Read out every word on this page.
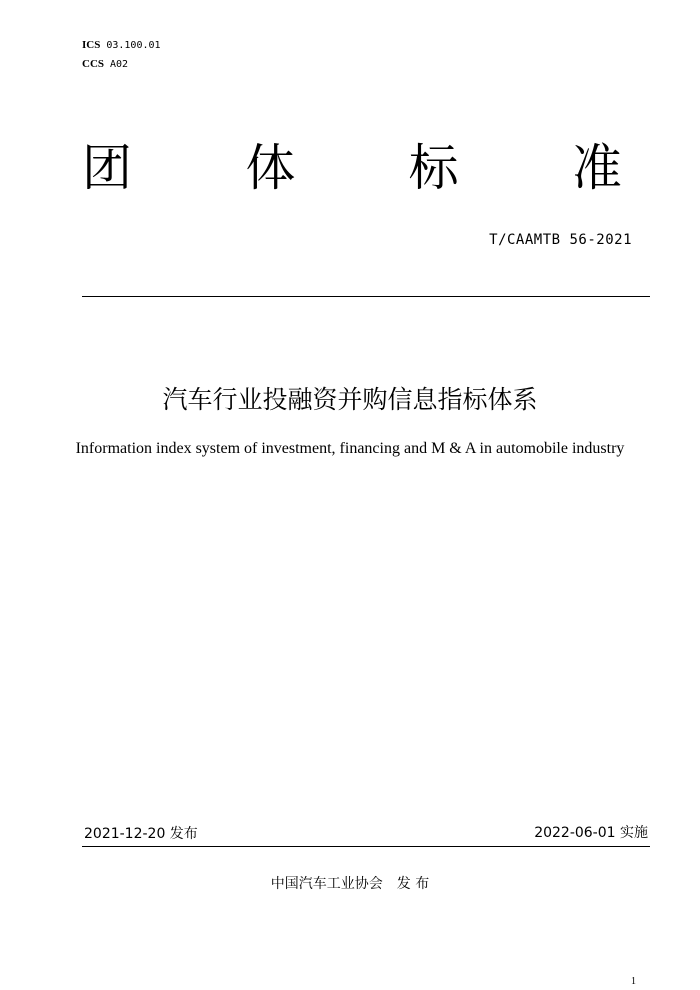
ICS 03.100.01
CCS A02
团 体 标 准
T/CAAMTB 56-2021
汽车行业投融资并购信息指标体系
Information index system of investment, financing and M & A in automobile industry
2021-12-20 发布	2022-06-01 实施
中国汽车工业协会 发 布
1
